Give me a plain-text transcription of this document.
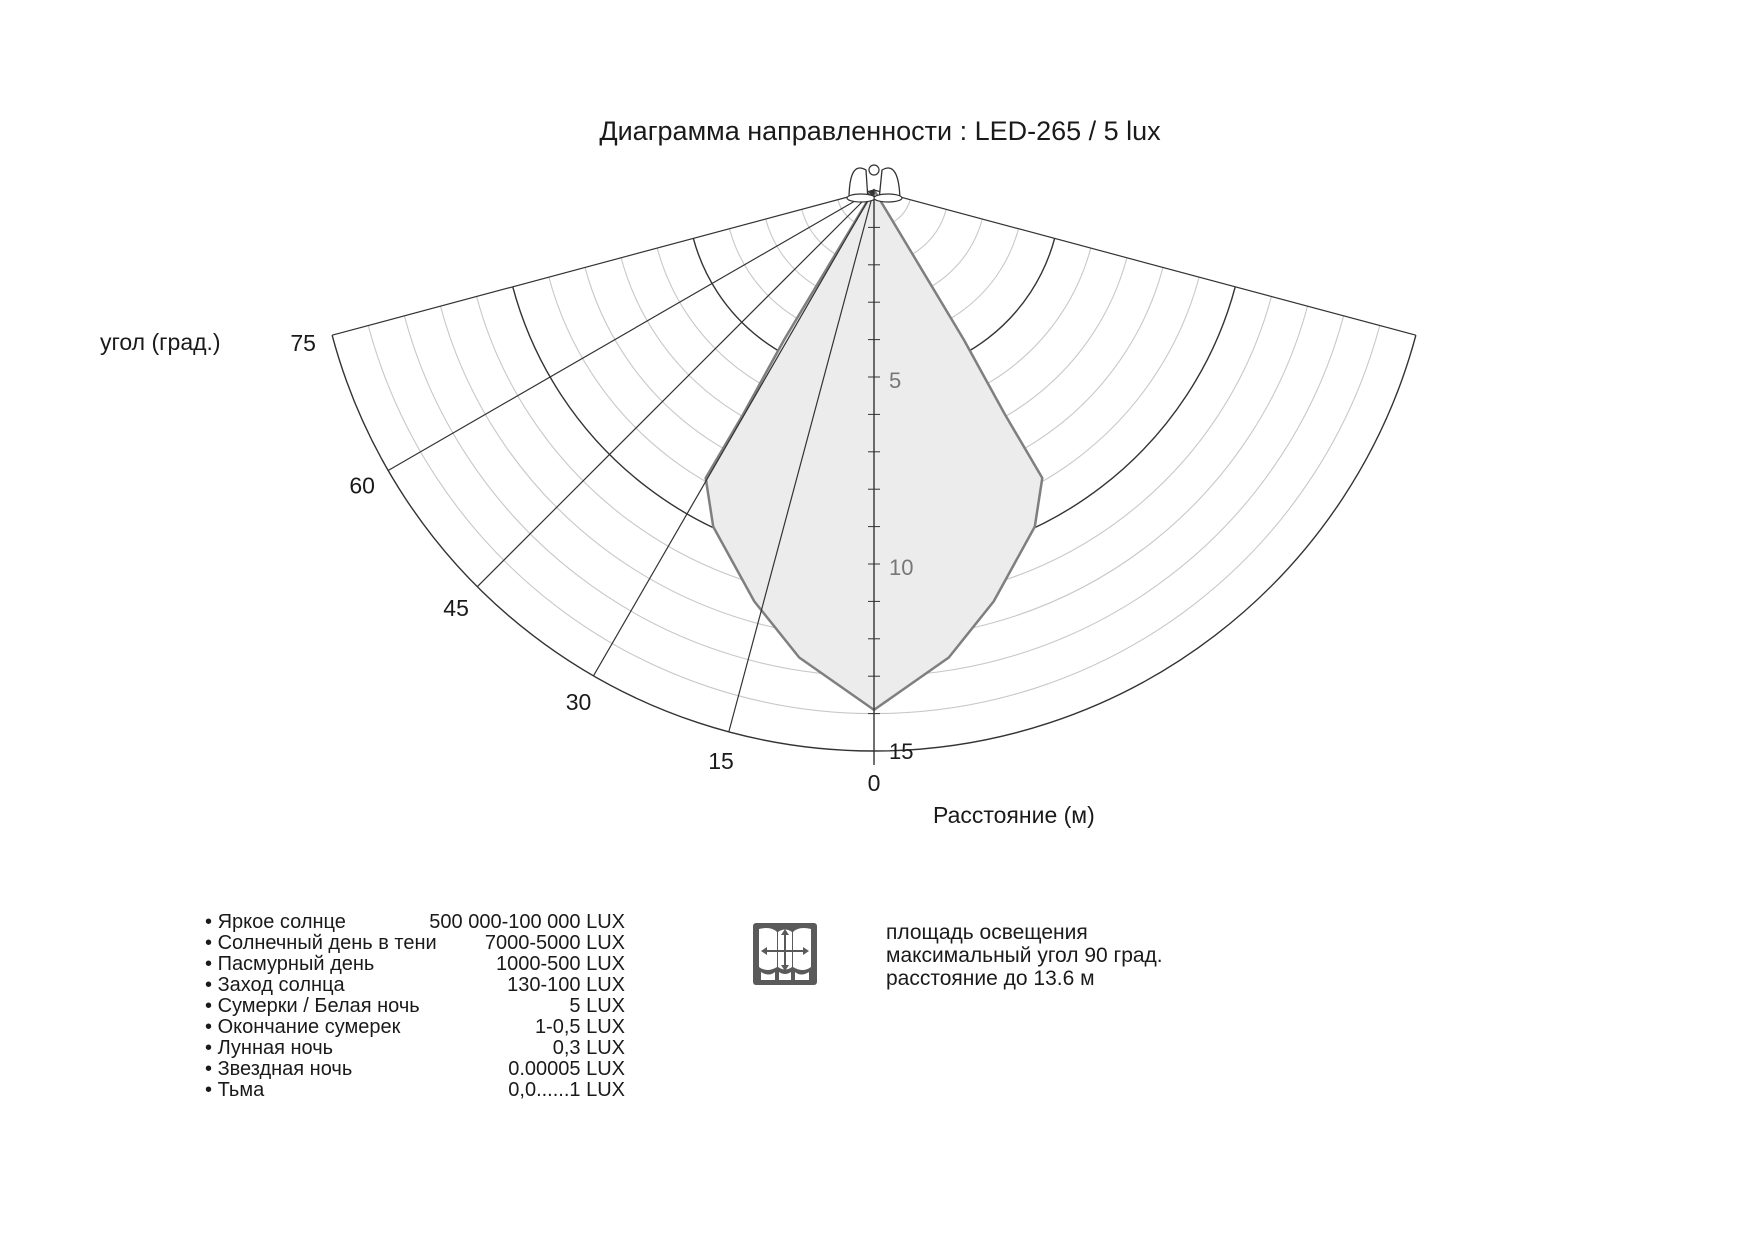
Диаграмма направленности : LED-265 / 5 lux
15
30
45
60
75
0
5
10
15
угол (град.)
Расстояние (м)
• Яркое солнце	500 000-100 000 LUX
• Солнечный день в тени 7000-5000 LUX
• Пасмурный день	1000-500 LUX
• Заход солнца	130-100 LUX
• Сумерки / Белая ночь	5 LUX
• Окончание сумерек	1-0,5 LUX
• Лунная ночь	0,3 LUX
• Звездная ночь	0.00005 LUX
• Тьма	0,0......1 LUX
площадь освещения
максимальный угол 90 град.
расстояние до 13.6 м
